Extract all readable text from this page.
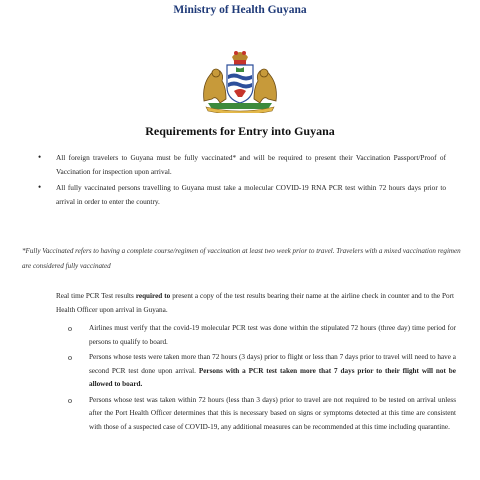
Ministry of Health Guyana
Requirements for Entry into Guyana
• All foreign travelers to Guyana must be fully vaccinated* and will be required to present their Vaccination Passport/Proof of Vaccination for inspection upon arrival.
• All fully vaccinated persons travelling to Guyana must take a molecular COVID-19 RNA PCR test within 72 hours days prior to arrival in order to enter the country.
*Fully Vaccinated refers to having a complete course/regimen of vaccination at least two week prior to travel. Travelers with a mixed vaccination regimen are considered fully vaccinated
Real time PCR Test results required to present a copy of the test results bearing their name at the airline check in counter and to the Port Health Officer upon arrival in Guyana.
o Airlines must verify that the covid-19 molecular PCR test was done within the stipulated 72 hours (three day) time period for persons to qualify to board.
o Persons whose tests were taken more than 72 hours (3 days) prior to flight or less than 7 days prior to travel will need to have a second PCR test done upon arrival. Persons with a PCR test taken more that 7 days prior to their flight will not be allowed to board.
o Persons whose test was taken within 72 hours (less than 3 days) prior to travel are not required to be tested on arrival unless after the Port Health Officer determines that this is necessary based on signs or symptoms detected at this time are consistent with those of a suspected case of COVID-19, any additional measures can be recommended at this time including quarantine.
